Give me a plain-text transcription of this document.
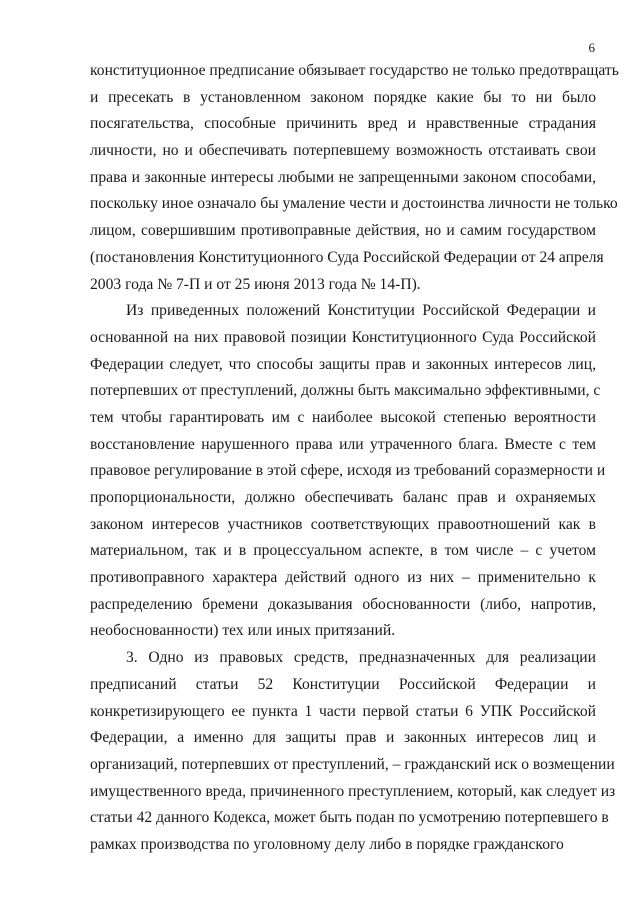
6
конституционное предписание обязывает государство не только предотвращать
и пресекать в установленном законом порядке какие бы то ни было
посягательства, способные причинить вред и нравственные страдания
личности, но и обеспечивать потерпевшему возможность отстаивать свои
права и законные интересы любыми не запрещенными законом способами,
поскольку иное означало бы умаление чести и достоинства личности не только
лицом, совершившим противоправные действия, но и самим государством
(постановления Конституционного Суда Российской Федерации от 24 апреля
2003 года № 7-П и от 25 июня 2013 года № 14-П).
Из приведенных положений Конституции Российской Федерации и
основанной на них правовой позиции Конституционного Суда Российской
Федерации следует, что способы защиты прав и законных интересов лиц,
потерпевших от преступлений, должны быть максимально эффективными, с
тем чтобы гарантировать им с наиболее высокой степенью вероятности
восстановление нарушенного права или утраченного блага. Вместе с тем
правовое регулирование в этой сфере, исходя из требований соразмерности и
пропорциональности, должно обеспечивать баланс прав и охраняемых
законом интересов участников соответствующих правоотношений как в
материальном, так и в процессуальном аспекте, в том числе – с учетом
противоправного характера действий одного из них – применительно к
распределению бремени доказывания обоснованности (либо, напротив,
необоснованности) тех или иных притязаний.
3. Одно из правовых средств, предназначенных для реализации
предписаний статьи 52 Конституции Российской Федерации и
конкретизирующего ее пункта 1 части первой статьи 6 УПК Российской
Федерации, а именно для защиты прав и законных интересов лиц и
организаций, потерпевших от преступлений, – гражданский иск о возмещении
имущественного вреда, причиненного преступлением, который, как следует из
статьи 42 данного Кодекса, может быть подан по усмотрению потерпевшего в
рамках производства по уголовному делу либо в порядке гражданского
